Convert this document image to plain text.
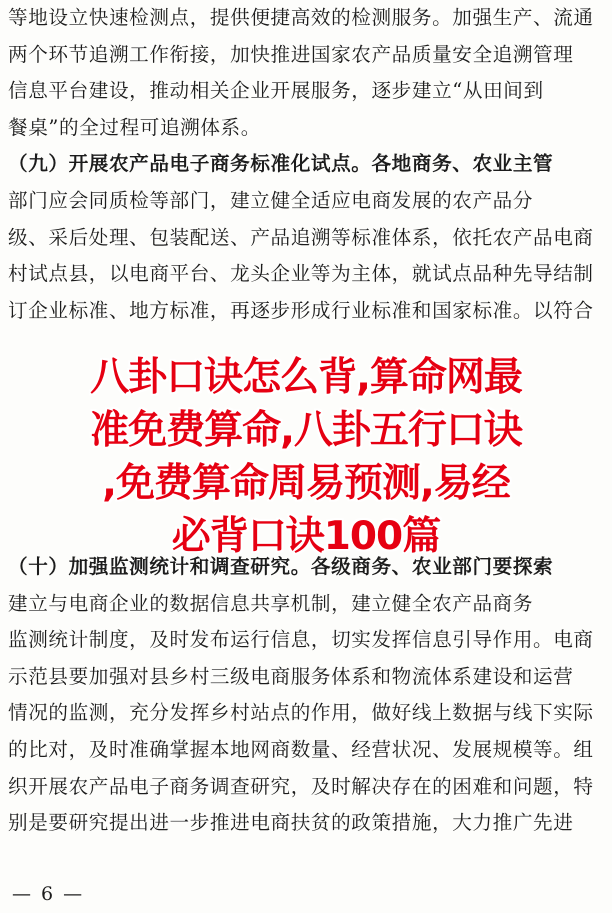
等地设立快速检测点，提供便捷高效的检测服务。加强生产、流通
两个环节追溯工作衔接，加快推进国家农产品质量安全追溯管理
信息平台建设，推动相关企业开展服务，逐步建立“从田间到
餐桌”的全过程可追溯体系。
（九）开展农产品电子商务标准化试点。各地商务、农业主管
部门应会同质检等部门，建立健全适应电商发展的农产品分
级、采后处理、包装配送、产品追溯等标准体系，依托农产品电商
村试点县，以电商平台、龙头企业等为主体，就试点品种先导结制
订企业标准、地方标准，再逐步形成行业标准和国家标准。以符合
（十）加强监测统计和调查研究。各级商务、农业部门要探索
建立与电商企业的数据信息共享机制，建立健全农产品商务
监测统计制度，及时发布运行信息，切实发挥信息引导作用。电商
示范县要加强对县乡村三级电商服务体系和物流体系建设和运营
情况的监测，充分发挥乡村站点的作用，做好线上数据与线下实际
的比对，及时准确掌握本地网商数量、经营状况、发展规模等。组
织开展农产品电子商务调查研究，及时解决存在的困难和问题，特
别是要研究提出进一步推进电商扶贫的政策措施，大力推广先进
八卦口诀怎么背,算命网最
准免费算命,八卦五行口诀
,免费算命周易预测,易经
必背口诀100篇
— 6 —
